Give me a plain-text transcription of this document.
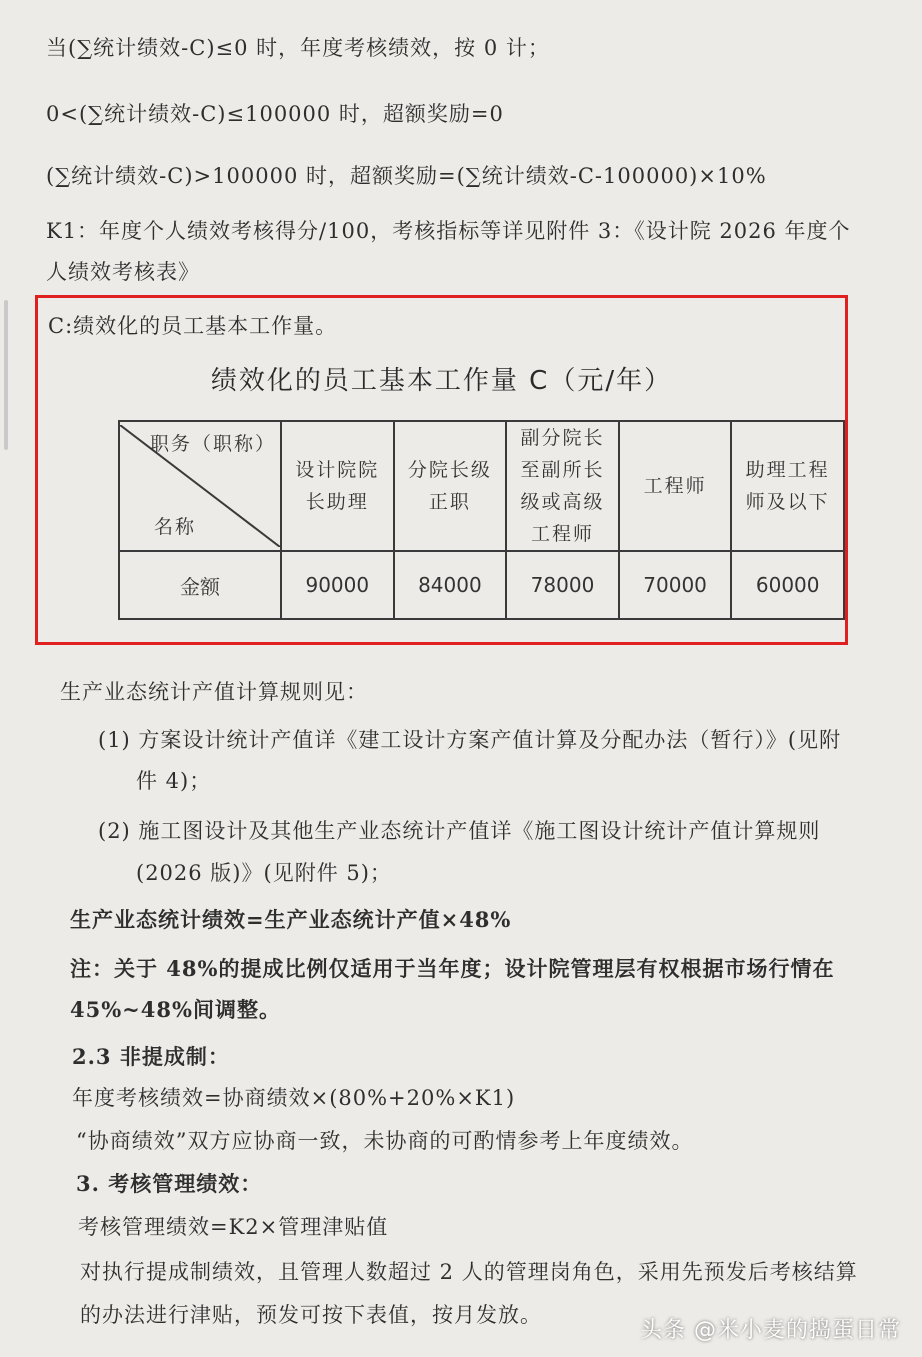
当(∑统计绩效-C)≤0 时，年度考核绩效，按 0 计；
0<(∑统计绩效-C)≤100000 时，超额奖励=0
(∑统计绩效-C)>100000 时，超额奖励=(∑统计绩效-C-100000)×10%
K1：年度个人绩效考核得分/100，考核指标等详见附件 3：《设计院 2026 年度个
人绩效考核表》
C:绩效化的员工基本工作量。
绩效化的员工基本工作量 C（元/年）
职务（职称）
名称	设计院院长助理	分院长级正职	副分院长至副所长级或高级工程师	工程师	助理工程师及以下
金额	90000	84000	78000	70000	60000
生产业态统计产值计算规则见：
(1) 方案设计统计产值详《建工设计方案产值计算及分配办法（暂行）》(见附
件 4)；
(2) 施工图设计及其他生产业态统计产值详《施工图设计统计产值计算规则
(2026 版)》(见附件 5)；
生产业态统计绩效=生产业态统计产值×48%
注：关于 48%的提成比例仅适用于当年度；设计院管理层有权根据市场行情在
45%~48%间调整。
2.3 非提成制：
年度考核绩效=协商绩效×(80%+20%×K1)
“协商绩效”双方应协商一致，未协商的可酌情参考上年度绩效。
3. 考核管理绩效：
考核管理绩效=K2×管理津贴值
对执行提成制绩效，且管理人数超过 2 人的管理岗角色，采用先预发后考核结算
的办法进行津贴，预发可按下表值，按月发放。
头条 @米小麦的捣蛋日常
